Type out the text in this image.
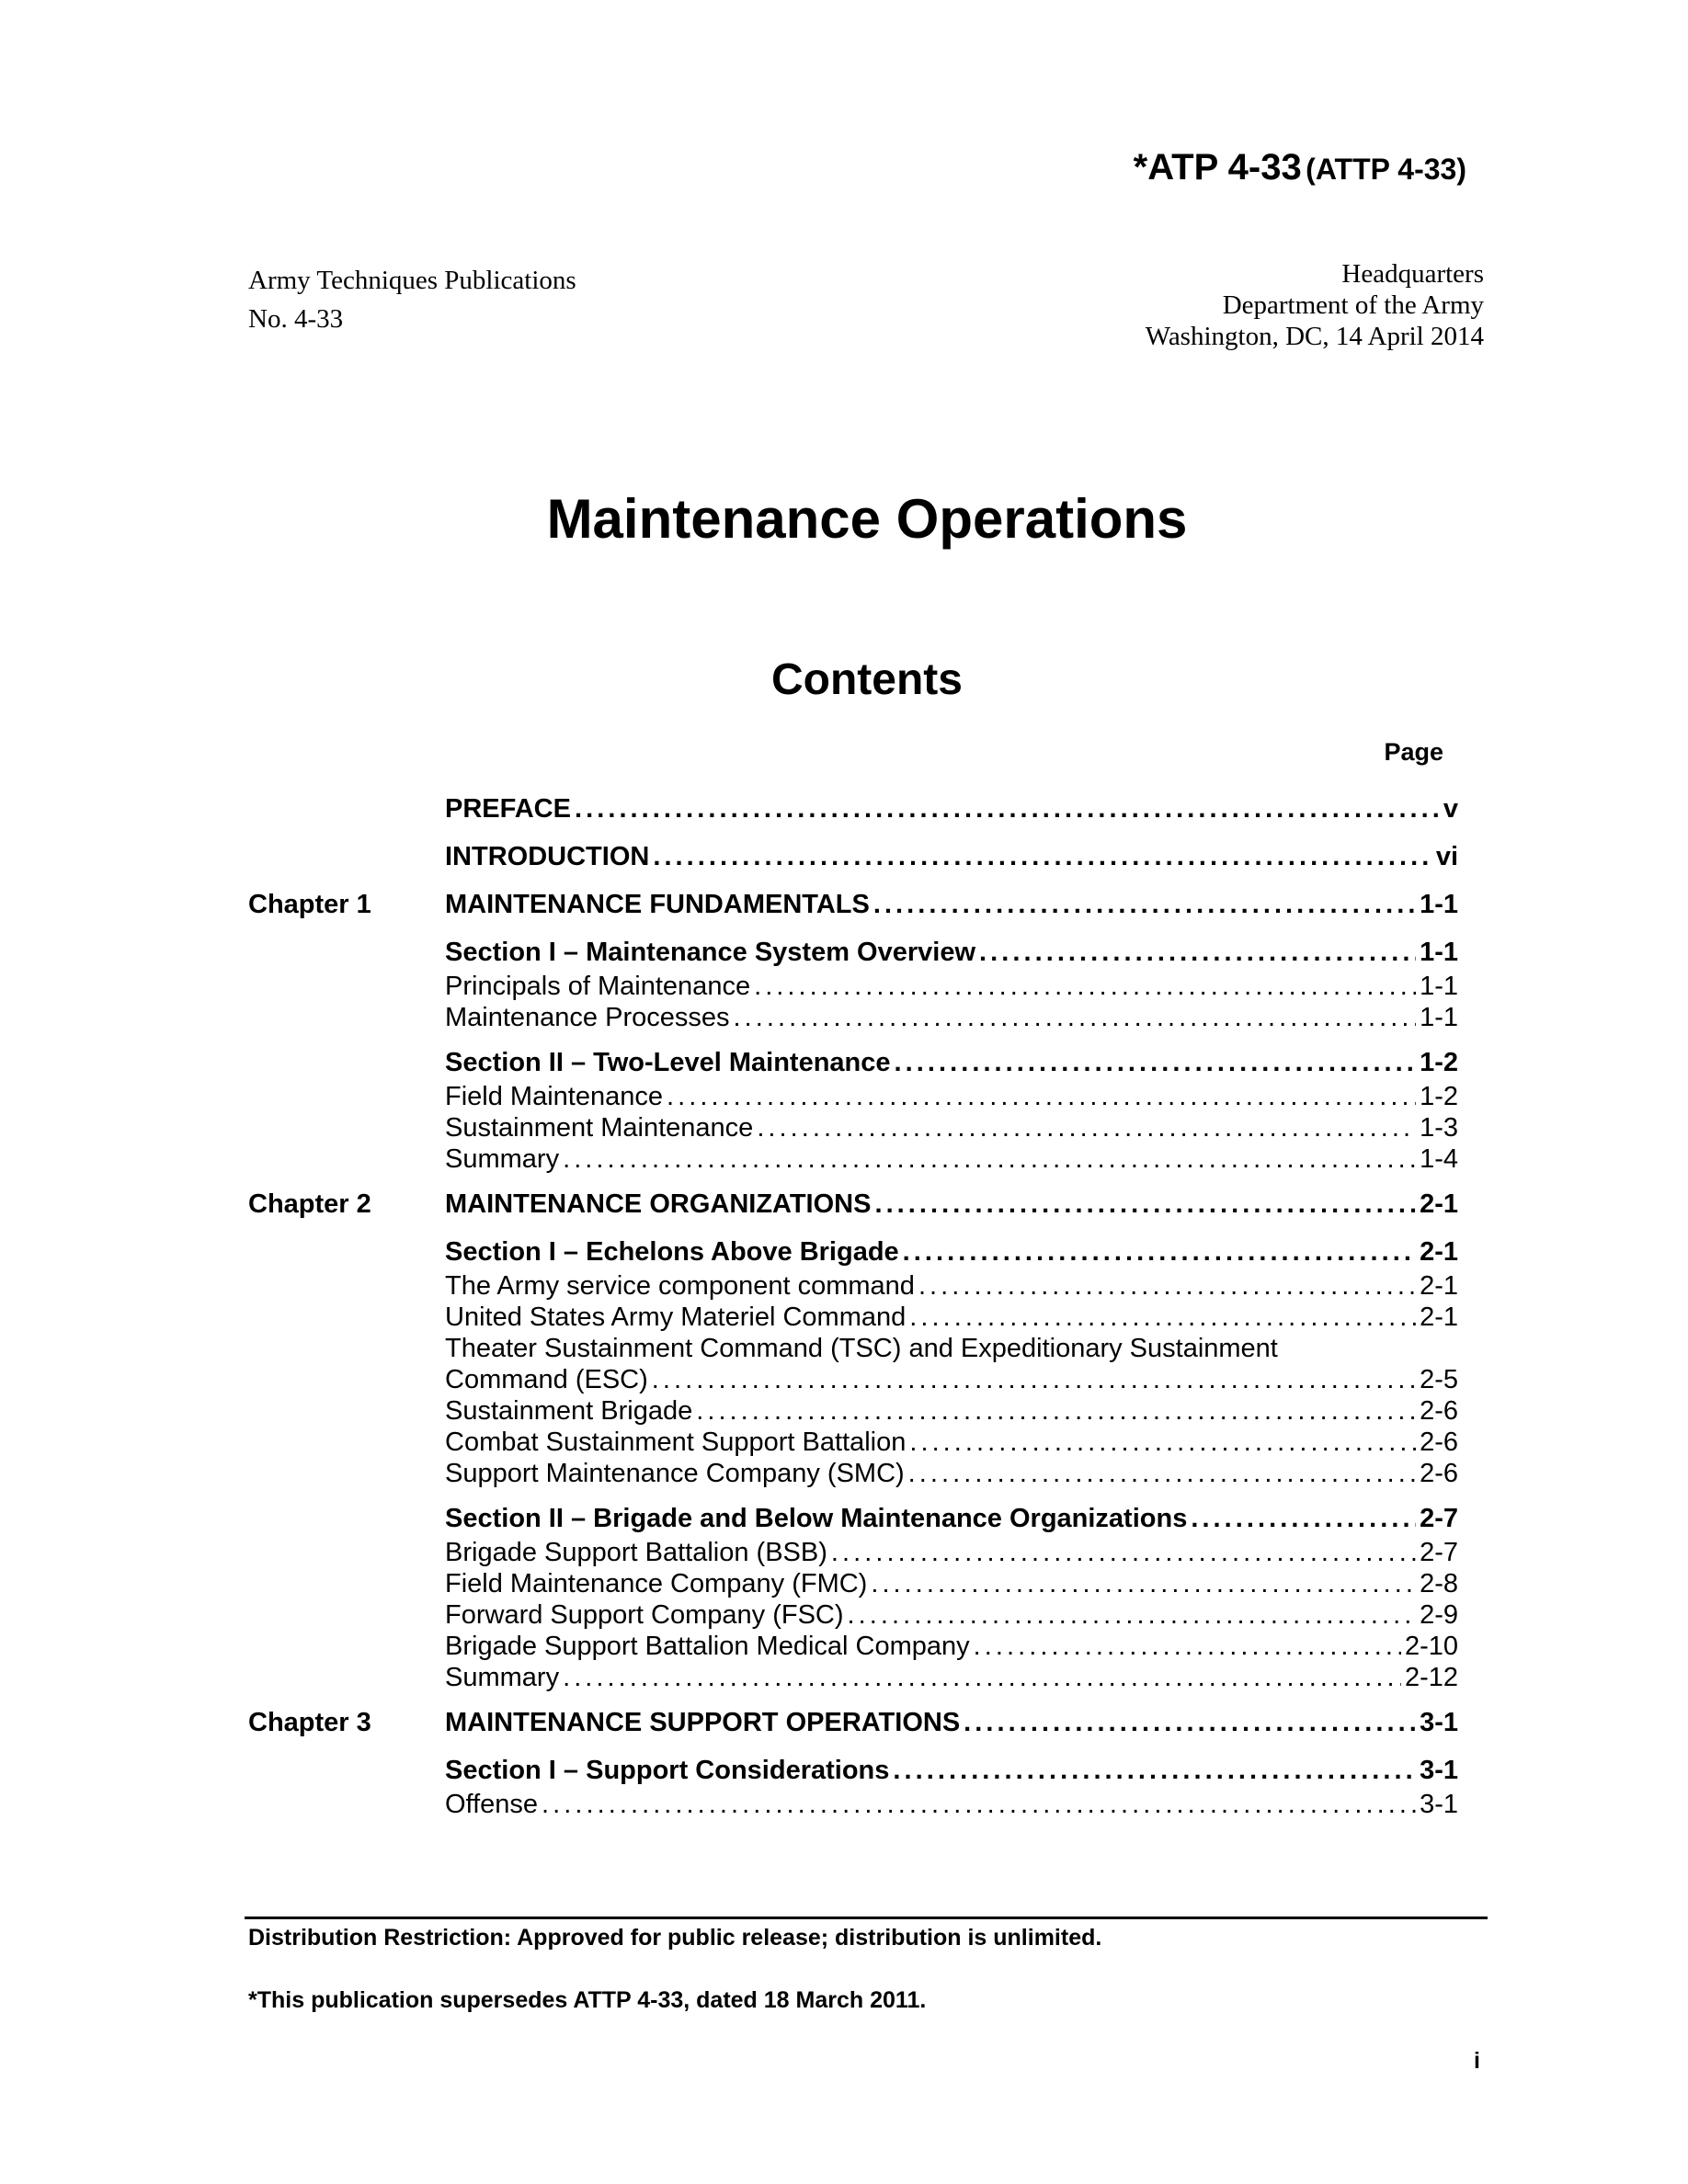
*ATP 4-33 (ATTP 4-33)
Army Techniques Publications
No. 4-33
Headquarters
Department of the Army
Washington, DC, 14 April 2014
Maintenance Operations
Contents
Page
PREFACE . . .	v
INTRODUCTION . . .	vi
Chapter 1	MAINTENANCE FUNDAMENTALS . . .	1-1
Section I – Maintenance System Overview . . .	1-1
Principals of Maintenance . . .	1-1
Maintenance Processes . . .	1-1
Section II – Two-Level Maintenance . . .	1-2
Field Maintenance . . .	1-2
Sustainment Maintenance . . .	1-3
Summary . . .	1-4
Chapter 2	MAINTENANCE ORGANIZATIONS . . .	2-1
Section I – Echelons Above Brigade . . .	2-1
The Army service component command . . .	2-1
United States Army Materiel Command . . .	2-1
Theater Sustainment Command (TSC) and Expeditionary Sustainment
Command (ESC) . . .	2-5
Sustainment Brigade . . .	2-6
Combat Sustainment Support Battalion . . .	2-6
Support Maintenance Company (SMC) . . .	2-6
Section II – Brigade and Below Maintenance Organizations . . .	2-7
Brigade Support Battalion (BSB) . . .	2-7
Field Maintenance Company (FMC) . . .	2-8
Forward Support Company (FSC) . . .	2-9
Brigade Support Battalion Medical Company . . .	2-10
Summary . . .	2-12
Chapter 3	MAINTENANCE SUPPORT OPERATIONS . . .	3-1
Section I – Support Considerations . . .	3-1
Offense . . .	3-1
Distribution Restriction: Approved for public release; distribution is unlimited.
*This publication supersedes ATTP 4-33, dated 18 March 2011.
i
